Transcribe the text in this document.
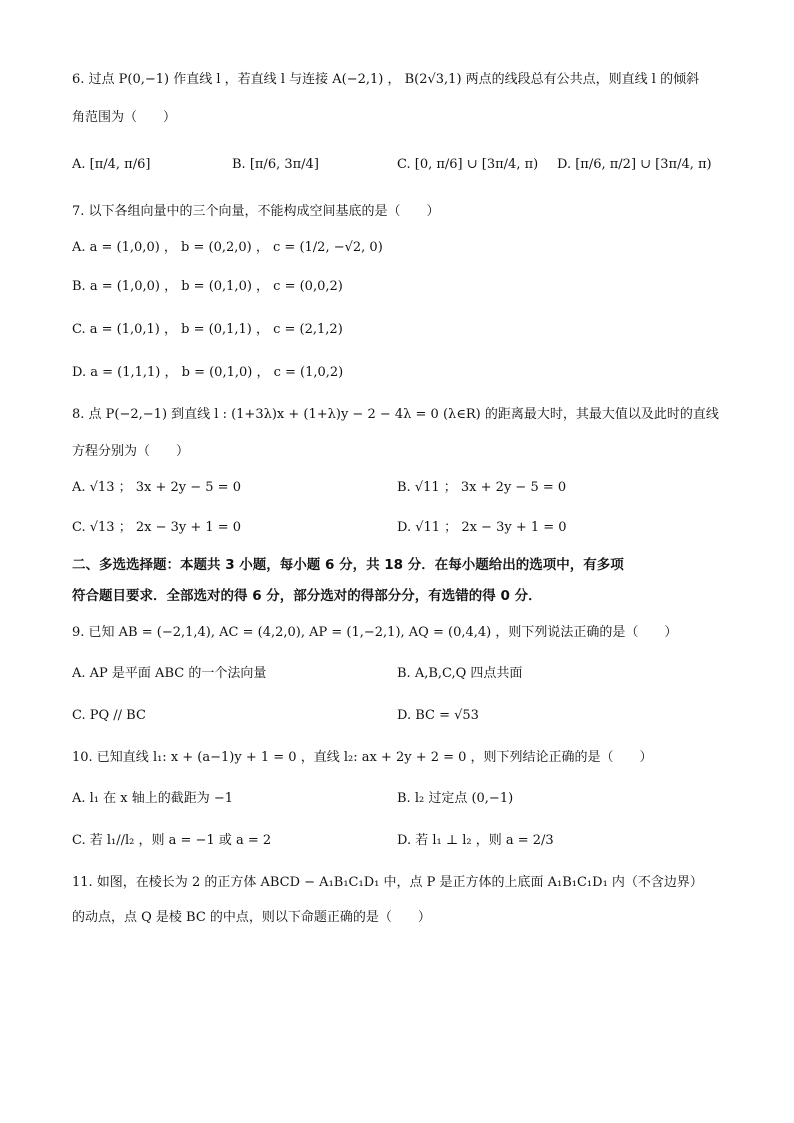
6. 过点 P(0,−1) 作直线 l ，若直线 l 与连接 A(−2,1) ， B(2√3,1) 两点的线段总有公共点，则直线 l 的倾斜
角范围为（　　）
A. [π/4, π/6]	B. [π/6, 3π/4]	C. [0, π/6] ∪ [3π/4, π) D. [π/6, π/2] ∪ [3π/4, π)
7. 以下各组向量中的三个向量，不能构成空间基底的是（　　）
A. a = (1,0,0) ， b = (0,2,0) ， c = (1/2, −√2, 0)
B. a = (1,0,0) ， b = (0,1,0) ， c = (0,0,2)
C. a = (1,0,1) ， b = (0,1,1) ， c = (2,1,2)
D. a = (1,1,1) ， b = (0,1,0) ， c = (1,0,2)
8. 点 P(−2,−1) 到直线 l : (1+3λ)x + (1+λ)y − 2 − 4λ = 0 (λ∈R) 的距离最大时，其最大值以及此时的直线
方程分别为（　　）
A. √13 ； 3x + 2y − 5 = 0	B. √11 ； 3x + 2y − 5 = 0
C. √13 ； 2x − 3y + 1 = 0	D. √11 ； 2x − 3y + 1 = 0
二、多选选择题：本题共 3 小题，每小题 6 分，共 18 分．在每小题给出的选项中，有多项
符合题目要求．全部选对的得 6 分，部分选对的得部分分，有选错的得 0 分．
9. 已知 AB = (−2,1,4), AC = (4,2,0), AP = (1,−2,1), AQ = (0,4,4) ，则下列说法正确的是（　　）
A. AP 是平面 ABC 的一个法向量	B. A,B,C,Q 四点共面
C. PQ // BC	D. BC = √53
10. 已知直线 l₁: x + (a−1)y + 1 = 0 ，直线 l₂: ax + 2y + 2 = 0 ，则下列结论正确的是（　　）
A. l₁ 在 x 轴上的截距为 −1	B. l₂ 过定点 (0,−1)
C. 若 l₁//l₂ ，则 a = −1 或 a = 2	D. 若 l₁ ⊥ l₂ ，则 a = 2/3
11. 如图，在棱长为 2 的正方体 ABCD − A₁B₁C₁D₁ 中，点 P 是正方体的上底面 A₁B₁C₁D₁ 内（不含边界）
的动点，点 Q 是棱 BC 的中点，则以下命题正确的是（　　）
